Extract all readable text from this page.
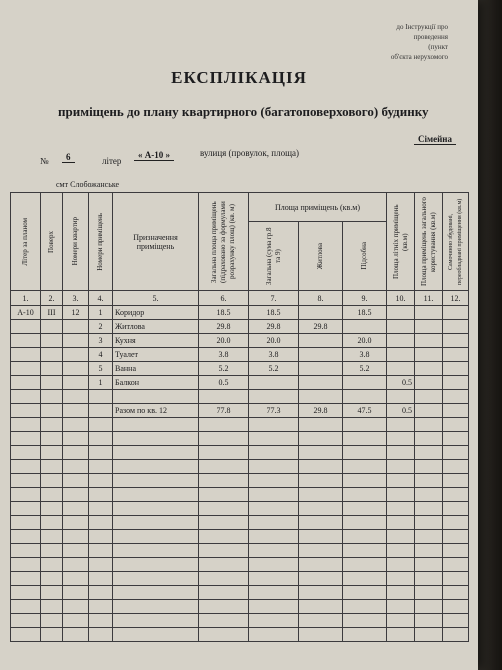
до Інструкції про
проведення
(пункт
об'єкта нерухомого
ЕКСПЛІКАЦІЯ
приміщень до плану квартирного (багатоповерхового) будинку
№	6	літер
« А-10 »	вулиця (провулок, площа)
Сімейна
смт Слобожанське
Літер за планом	Поверх	Номери квартир	Номери приміщень	Призначення приміщень	Загальна площа приміщень (підраховано за формулами розрахунку площ) (кв. м)	Площа приміщень (кв.м)			Площа літніх приміщень (кв.м)	Площа приміщень загального користування (кв.м)	Самочинно збудовані, переобладнані приміщення (кв.м)

						Загальна (сума гр.8 та 9)	Житлова	Підсобна			

1.	2.	3.	4.	5.	6.	7.	8.	9.	10.	11.	12.
А-10	III	12	1	Коридор	18.5	18.5		18.5			
			2	Житлова	29.8	29.8	29.8				
			3	Кухня	20.0	20.0		20.0			
			4	Туалет	3.8	3.8		3.8			
			5	Ванна	5.2	5.2		5.2			
			1	Балкон	0.5				0.5		

				Разом по кв. 12	77.8	77.3	29.8	47.5	0.5		
